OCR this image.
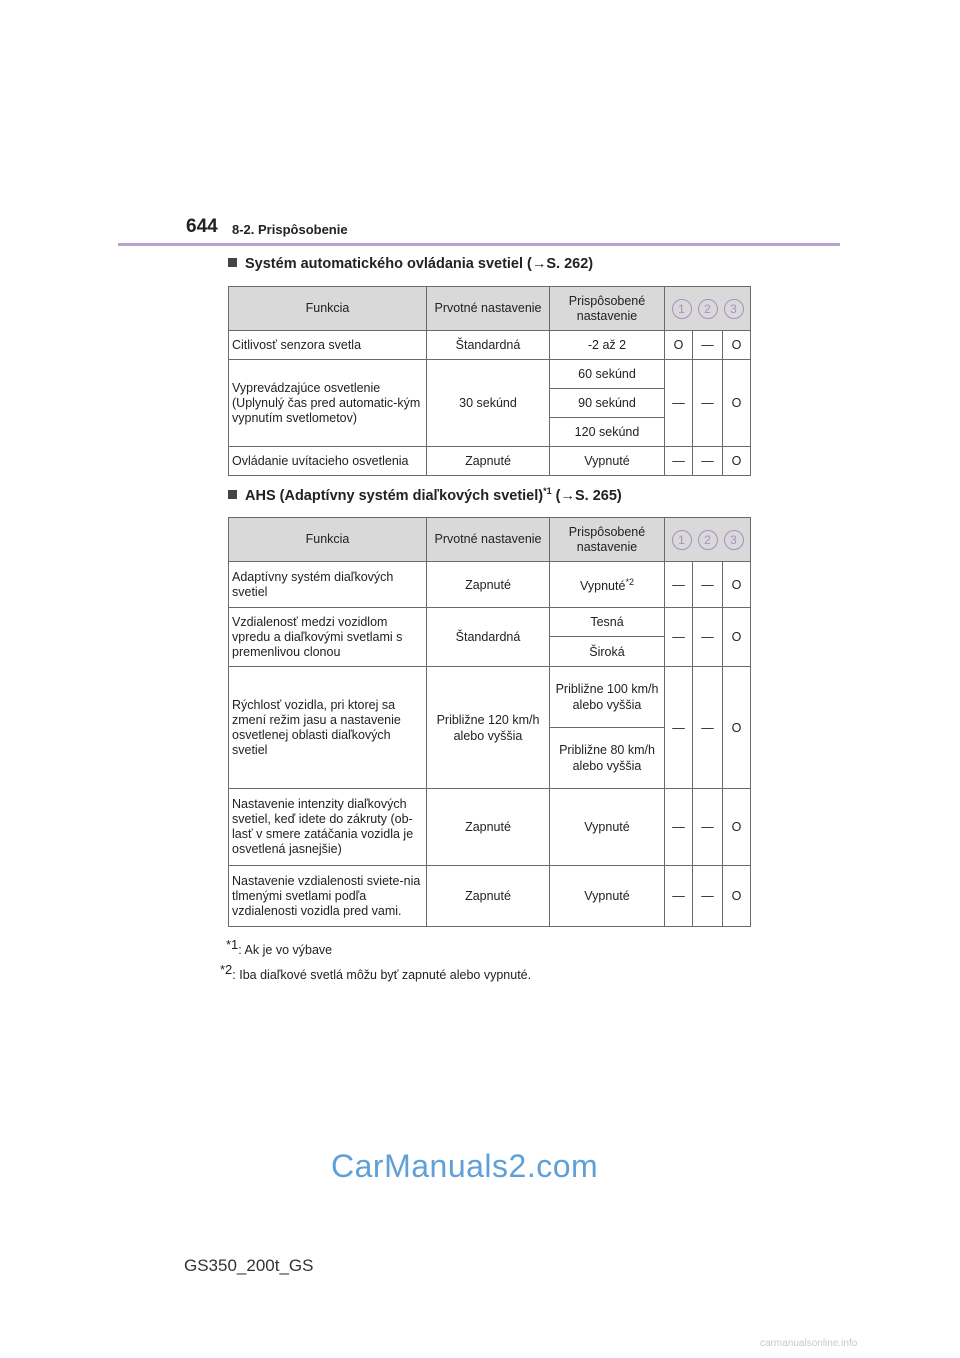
644 8-2. Prispôsobenie
Systém automatického ovládania svetiel (→S. 262)
Funkcia	Prvotné nastavenie	Prispôsobené nastavenie	1 2 3		
Citlivosť senzora svetla	Štandardná	-2 až 2	O	—	O
Vyprevádzajúce osvetlenie (Uplynulý čas pred automatic-kým vypnutím svetlometov)	30 sekúnd	60 sekúnd	—	—	O
		90 sekúnd			
		120 sekúnd			
Ovládanie uvítacieho osvetlenia	Zapnuté	Vypnuté	—	—	O
AHS (Adaptívny systém diaľkových svetiel)$^{*1}$ (→S. 265)
Funkcia	Prvotné nastavenie	Prispôsobené nastavenie	1 2 3		
Adaptívny systém diaľkových svetiel	Zapnuté	Vypnuté$^{*2}$	—	—	O
Vzdialenosť medzi vozidlom vpredu a diaľkovými svetlami s premenlivou clonou	Štandardná	Tesná	—	—	O
		Široká			
Rýchlosť vozidla, pri ktorej sa zmení režim jasu a nastavenie osvetlenej oblasti diaľkových svetiel	Približne 120 km/h alebo vyššia	Približne 100 km/h alebo vyššia	—	—	O
		Približne 80 km/h alebo vyššia			
Nastavenie intenzity diaľkových svetiel, keď idete do zákruty (ob-lasť v smere zatáčania vozidla je osvetlená jasnejšie)	Zapnuté	Vypnuté	—	—	O
Nastavenie vzdialenosti sviete-nia tlmenými svetlami podľa vzdialenosti vozidla pred vami.	Zapnuté	Vypnuté	—	—	O
$^{*1}$: Ak je vo výbave
$^{*2}$: Iba diaľkové svetlá môžu byť zapnuté alebo vypnuté.
CarManuals2.com
GS350_200t_GS
carmanualsonline.info
